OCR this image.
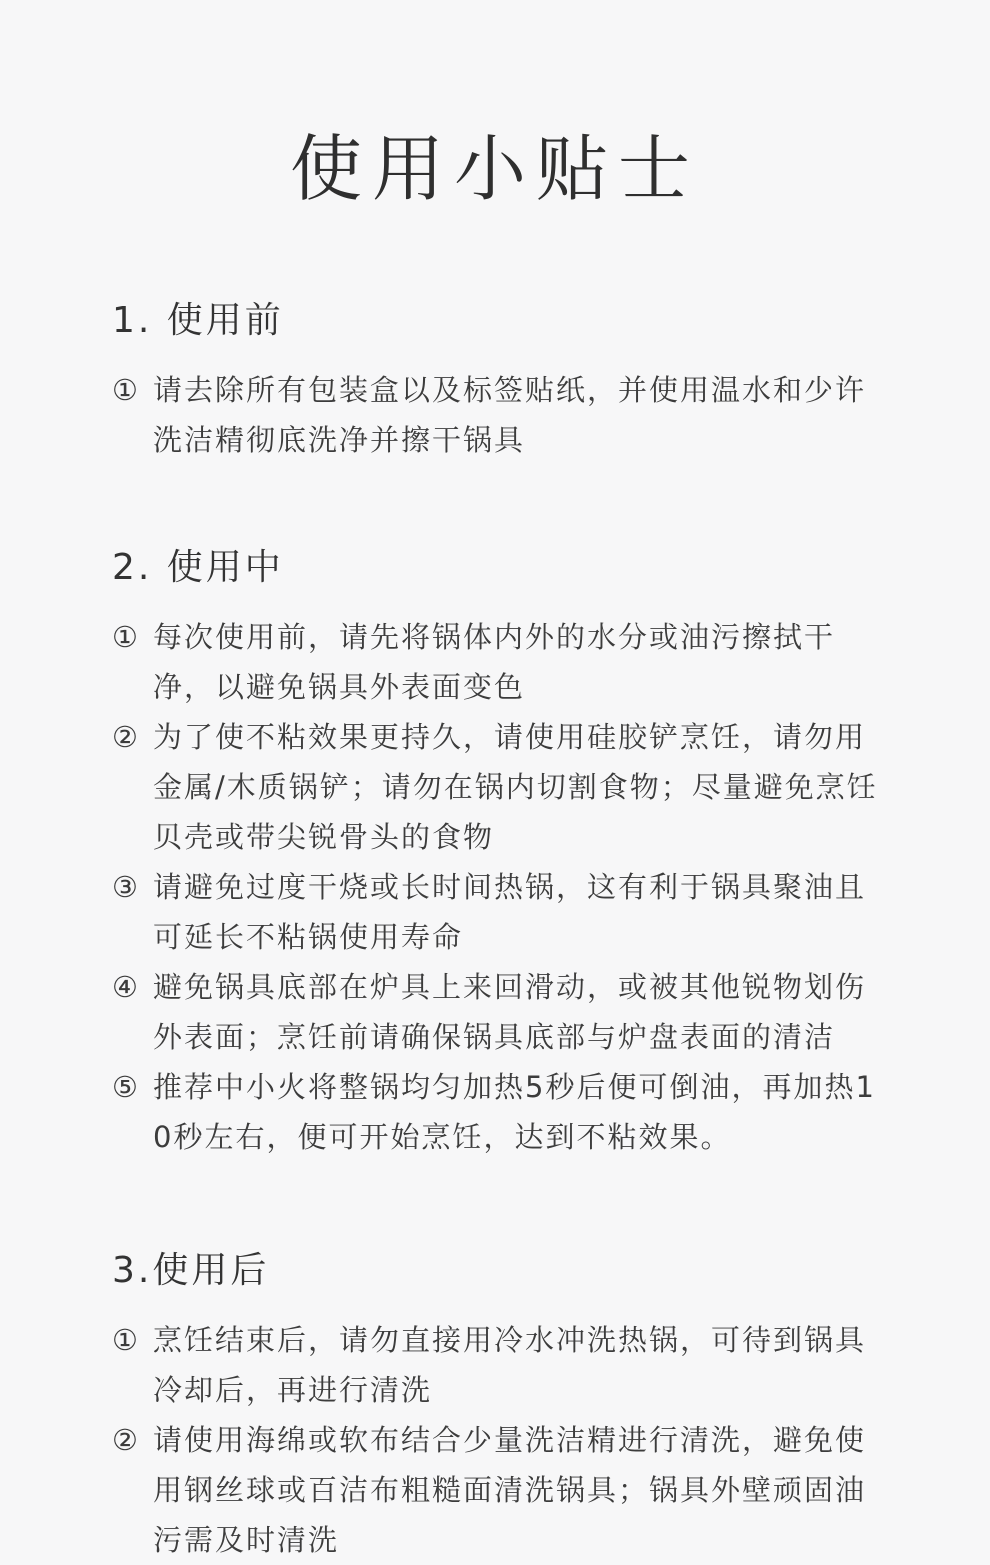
使用小贴士
1. 使用前
① 请去除所有包装盒以及标签贴纸，并使用温水和少许洗洁精彻底洗净并擦干锅具
2. 使用中
① 每次使用前，请先将锅体内外的水分或油污擦拭干净，以避免锅具外表面变色
② 为了使不粘效果更持久，请使用硅胶铲烹饪，请勿用金属/木质锅铲；请勿在锅内切割食物；尽量避免烹饪贝壳或带尖锐骨头的食物
③ 请避免过度干烧或长时间热锅，这有利于锅具聚油且可延长不粘锅使用寿命
④ 避免锅具底部在炉具上来回滑动，或被其他锐物划伤外表面；烹饪前请确保锅具底部与炉盘表面的清洁
⑤ 推荐中小火将整锅均匀加热5秒后便可倒油，再加热10秒左右，便可开始烹饪，达到不粘效果。
3.使用后
① 烹饪结束后，请勿直接用冷水冲洗热锅，可待到锅具冷却后，再进行清洗
② 请使用海绵或软布结合少量洗洁精进行清洗，避免使用钢丝球或百洁布粗糙面清洗锅具；锅具外壁顽固油污需及时清洗
